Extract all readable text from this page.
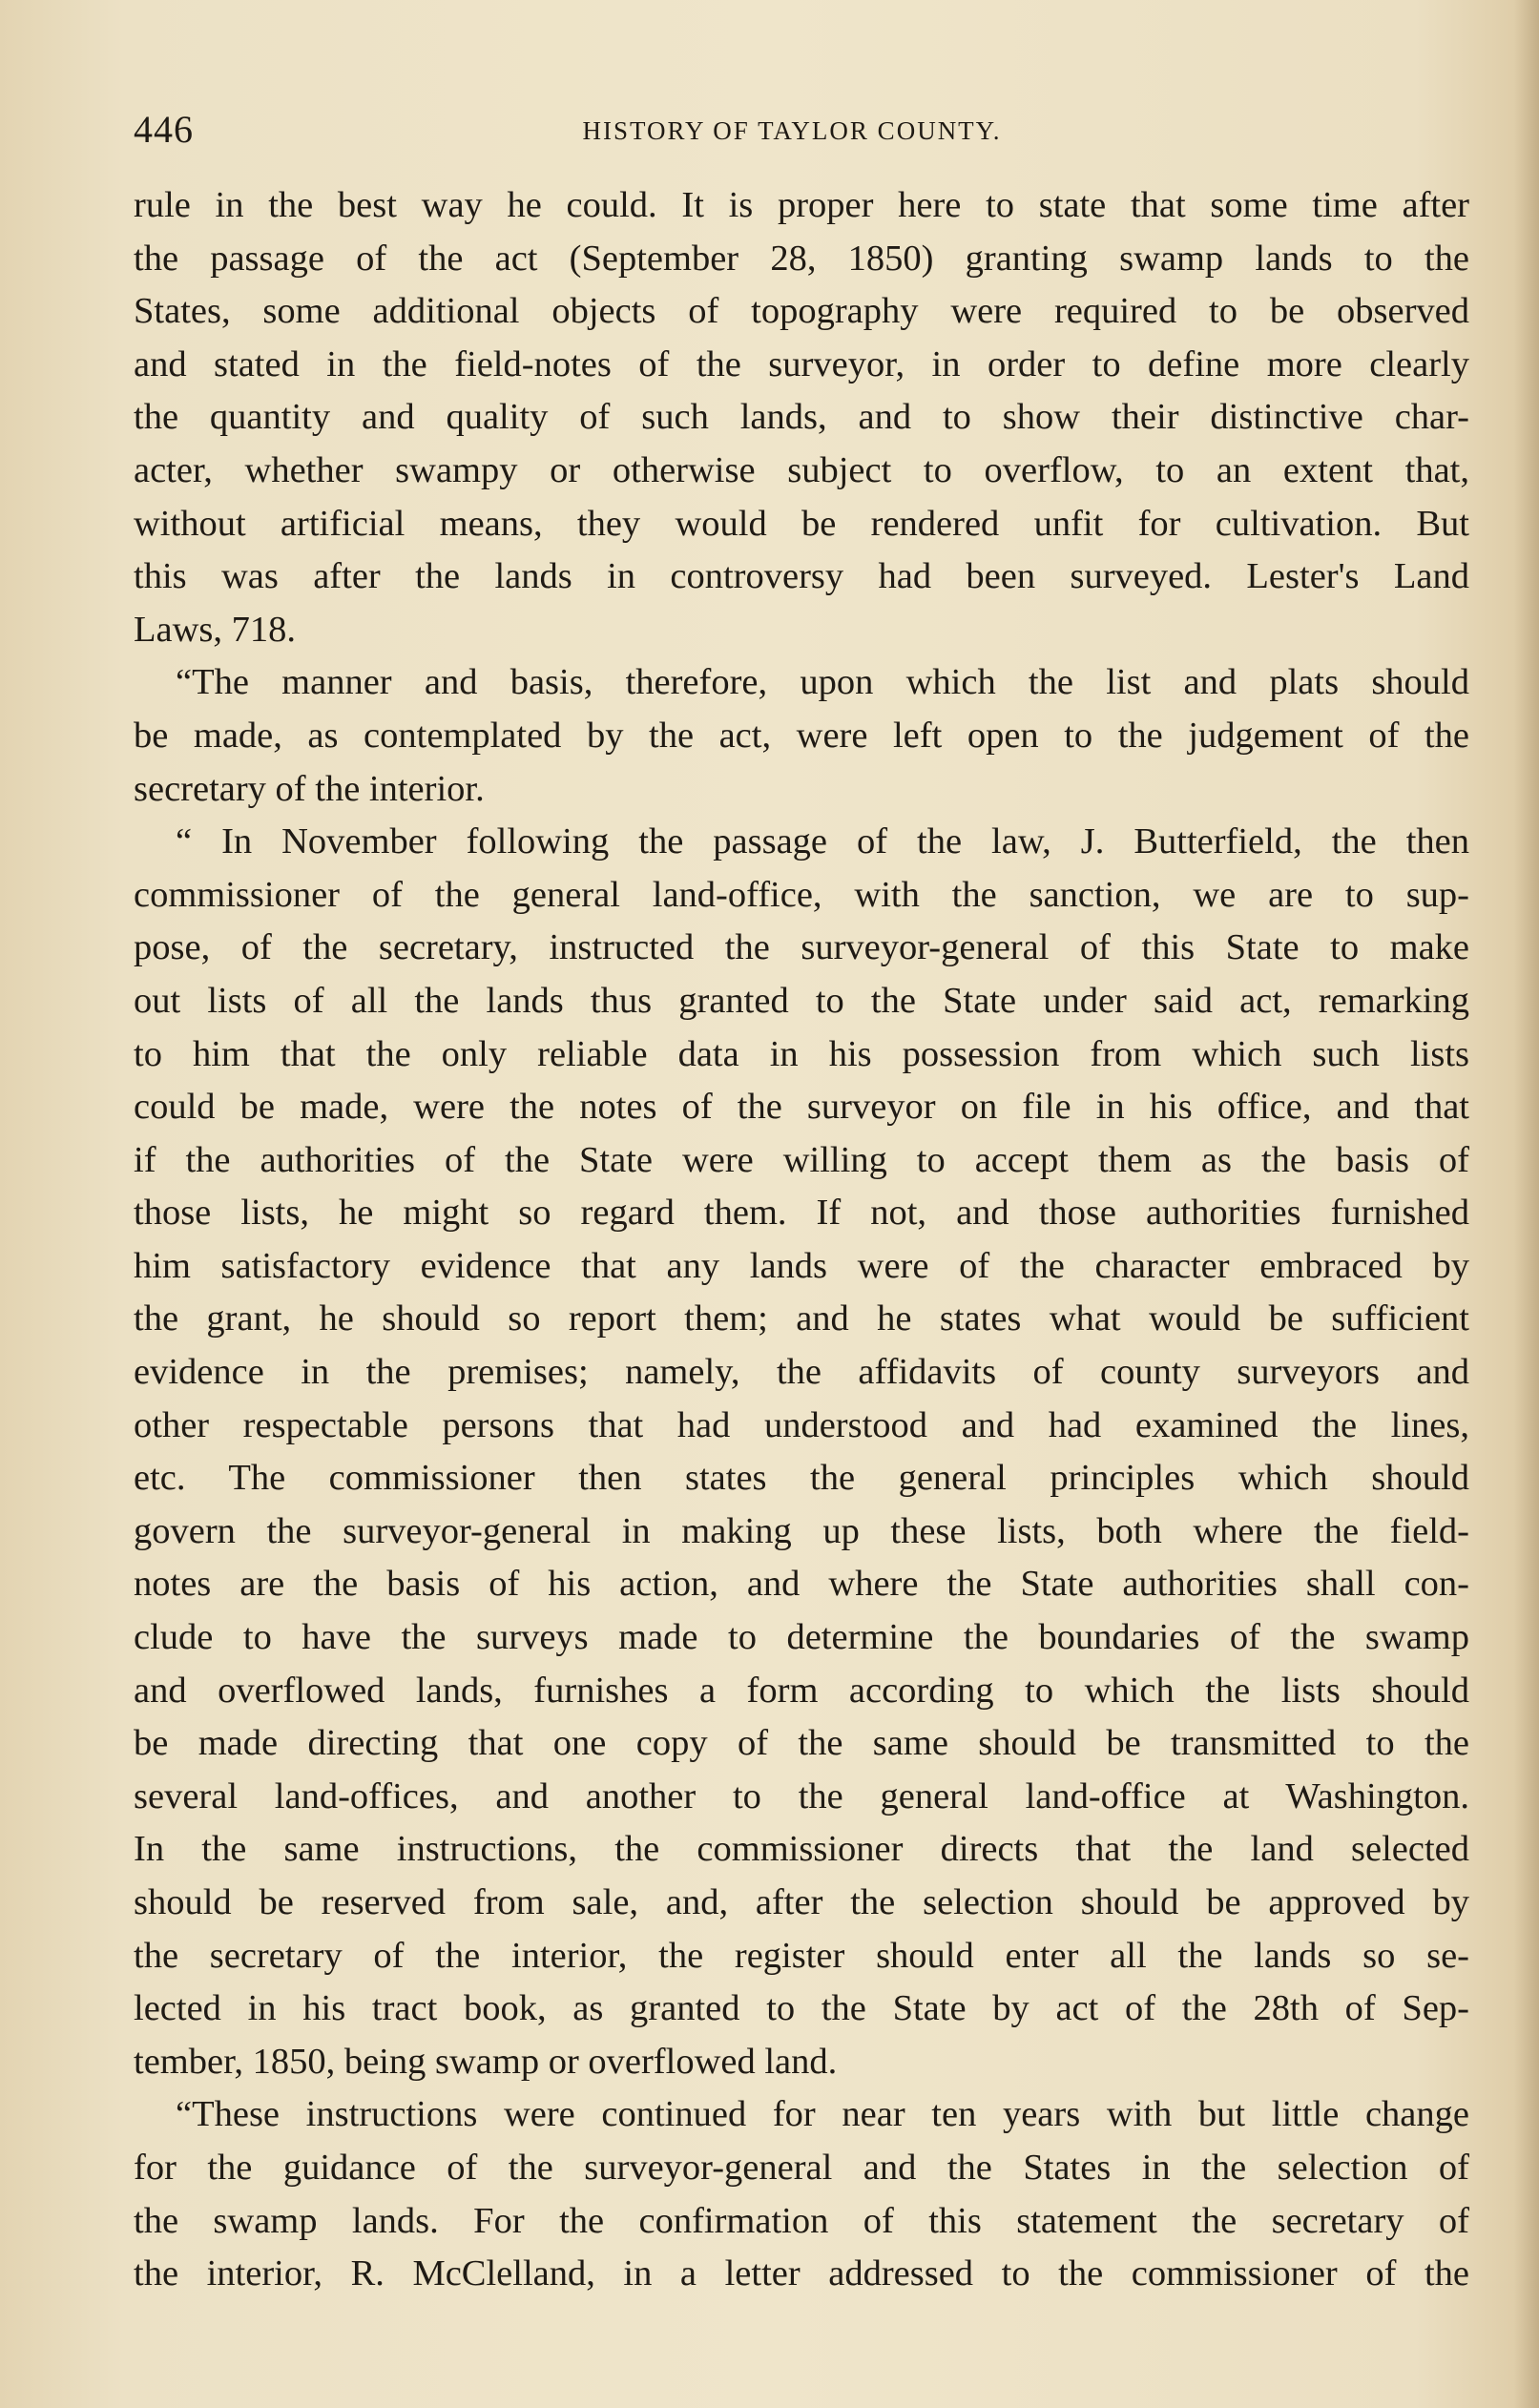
446	HISTORY OF TAYLOR COUNTY.
rule in the best way he could. It is proper here to state that some time after
the passage of the act (September 28, 1850) granting swamp lands to the
States, some additional objects of topography were required to be observed
and stated in the field-notes of the surveyor, in order to define more clearly
the quantity and quality of such lands, and to show their distinctive char-
acter, whether swampy or otherwise subject to overflow, to an extent that,
without artificial means, they would be rendered unfit for cultivation. But
this was after the lands in controversy had been surveyed. Lester's Land
Laws, 718.
“The manner and basis, therefore, upon which the list and plats should
be made, as contemplated by the act, were left open to the judgement of the
secretary of the interior.
“ In November following the passage of the law, J. Butterfield, the then
commissioner of the general land-office, with the sanction, we are to sup-
pose, of the secretary, instructed the surveyor-general of this State to make
out lists of all the lands thus granted to the State under said act, remarking
to him that the only reliable data in his possession from which such lists
could be made, were the notes of the surveyor on file in his office, and that
if the authorities of the State were willing to accept them as the basis of
those lists, he might so regard them. If not, and those authorities furnished
him satisfactory evidence that any lands were of the character embraced by
the grant, he should so report them; and he states what would be sufficient
evidence in the premises; namely, the affidavits of county surveyors and
other respectable persons that had understood and had examined the lines,
etc. The commissioner then states the general principles which should
govern the surveyor-general in making up these lists, both where the field-
notes are the basis of his action, and where the State authorities shall con-
clude to have the surveys made to determine the boundaries of the swamp
and overflowed lands, furnishes a form according to which the lists should
be made directing that one copy of the same should be transmitted to the
several land-offices, and another to the general land-office at Washington.
In the same instructions, the commissioner directs that the land selected
should be reserved from sale, and, after the selection should be approved by
the secretary of the interior, the register should enter all the lands so se-
lected in his tract book, as granted to the State by act of the 28th of Sep-
tember, 1850, being swamp or overflowed land.
“These instructions were continued for near ten years with but little change
for the guidance of the surveyor-general and the States in the selection of
the swamp lands. For the confirmation of this statement the secretary of
the interior, R. McClelland, in a letter addressed to the commissioner of the
